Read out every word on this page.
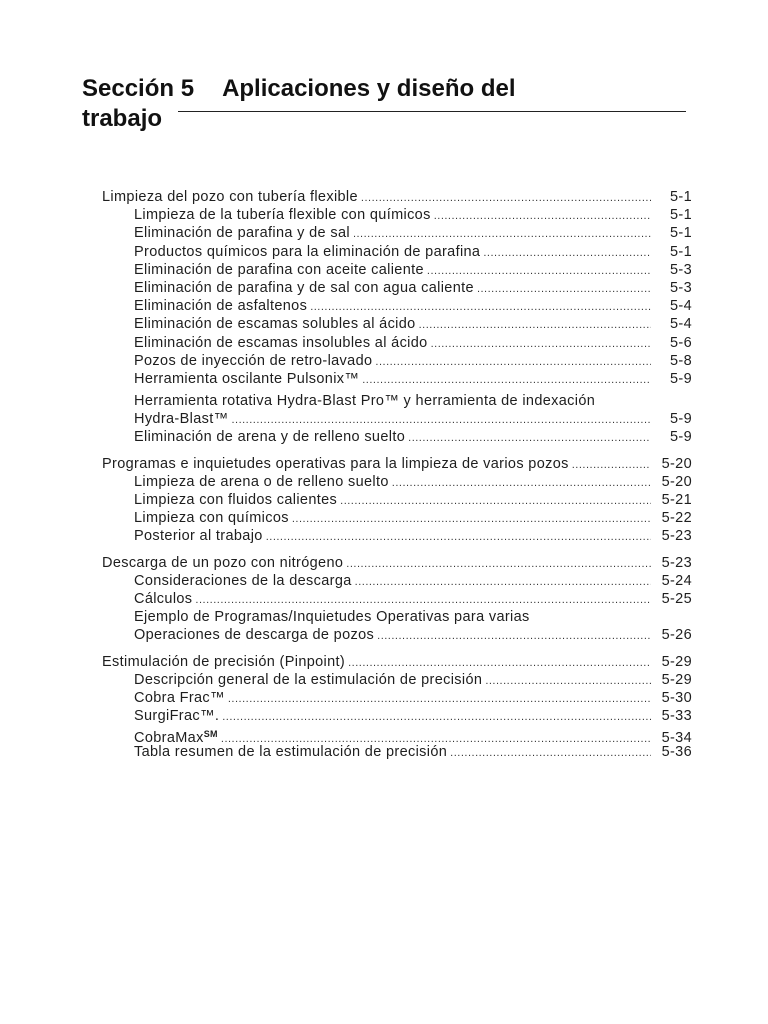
Sección 5 Aplicaciones y diseño del
trabajo
Limpieza del pozo con tubería flexible .....	5-1
Limpieza de la tubería flexible con químicos .....	5-1
Eliminación de parafina y de sal .....	5-1
Productos químicos para la eliminación de parafina .....	5-1
Eliminación de parafina con aceite caliente .....	5-3
Eliminación de parafina y de sal con agua caliente .....	5-3
Eliminación de asfaltenos .....	5-4
Eliminación de escamas solubles al ácido .....	5-4
Eliminación de escamas insolubles al ácido .....	5-6
Pozos de inyección de retro-lavado .....	5-8
Herramienta oscilante Pulsonix™ .....	5-9
Herramienta rotativa Hydra-Blast Pro™ y herramienta de indexación
Hydra-Blast™ .....	5-9
Eliminación de arena y de relleno suelto .....	5-9
Programas e inquietudes operativas para la limpieza de varios pozos .....	5-20
Limpieza de arena o de relleno suelto .....	5-20
Limpieza con fluidos calientes .....	5-21
Limpieza con químicos .....	5-22
Posterior al trabajo .....	5-23
Descarga de un pozo con nitrógeno .....	5-23
Consideraciones de la descarga .....	5-24
Cálculos .....	5-25
Ejemplo de Programas/Inquietudes Operativas para varias
Operaciones de descarga de pozos .....	5-26
Estimulación de precisión (Pinpoint) .....	5-29
Descripción general de la estimulación de precisión .....	5-29
Cobra Frac™ .....	5-30
SurgiFrac™. .....	5-33
CobraMax℠ .....	5-34
Tabla resumen de la estimulación de precisión .....	5-36
